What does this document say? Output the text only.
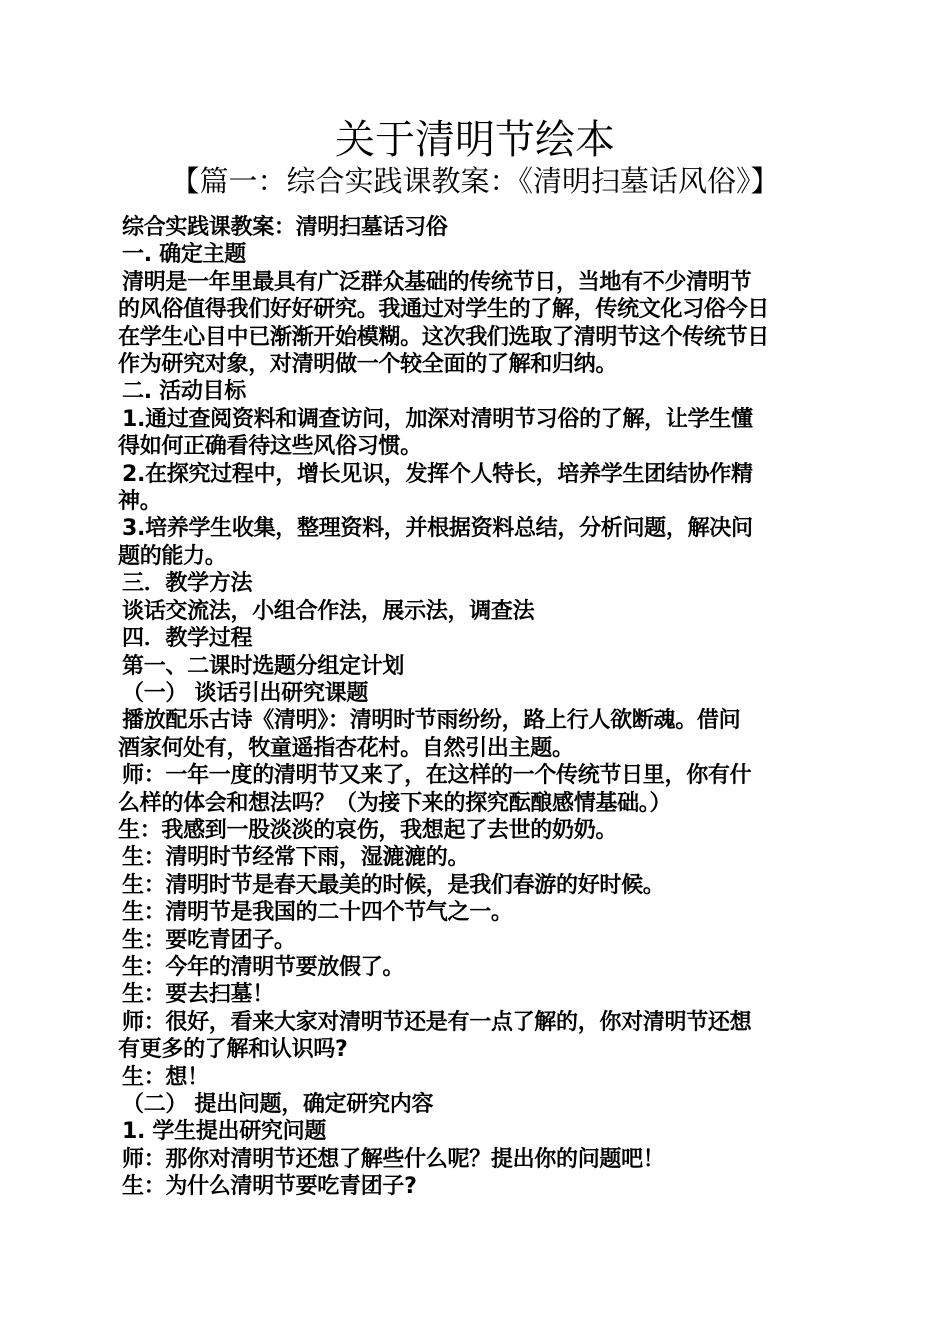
关于清明节绘本
【篇一：综合实践课教案：《清明扫墓话风俗》】

综合实践课教案：清明扫墓话习俗

一. 确定主题

清明是一年里最具有广泛群众基础的传统节日，当地有不少清明节

的风俗值得我们好好研究。我通过对学生的了解，传统文化习俗今日

在学生心目中已渐渐开始模糊。这次我们选取了清明节这个传统节日

作为研究对象，对清明做一个较全面的了解和归纳。

二. 活动目标

1.通过查阅资料和调查访问，加深对清明节习俗的了解，让学生懂

得如何正确看待这些风俗习惯。

2.在探究过程中，增长见识，发挥个人特长，培养学生团结协作精

神。

3.培养学生收集，整理资料，并根据资料总结，分析问题，解决问

题的能力。

三．教学方法

谈话交流法，小组合作法，展示法，调查法

四．教学过程

第一、二课时选题分组定计划

（一） 谈话引出研究课题

播放配乐古诗《清明》：清明时节雨纷纷，路上行人欲断魂。借问

酒家何处有，牧童遥指杏花村。自然引出主题。

师：一年一度的清明节又来了，在这样的一个传统节日里，你有什

么样的体会和想法吗？（为接下来的探究酝酿感情基础。）

生：我感到一股淡淡的哀伤，我想起了去世的奶奶。

生：清明时节经常下雨，湿漉漉的。

生：清明时节是春天最美的时候，是我们春游的好时候。

生：清明节是我国的二十四个节气之一。

生：要吃青团子。

生：今年的清明节要放假了。

生：要去扫墓！

师：很好，看来大家对清明节还是有一点了解的，你对清明节还想

有更多的了解和认识吗?

生：想！

（二） 提出问题，确定研究内容

1. 学生提出研究问题

师：那你对清明节还想了解些什么呢？提出你的问题吧！

生：为什么清明节要吃青团子?
